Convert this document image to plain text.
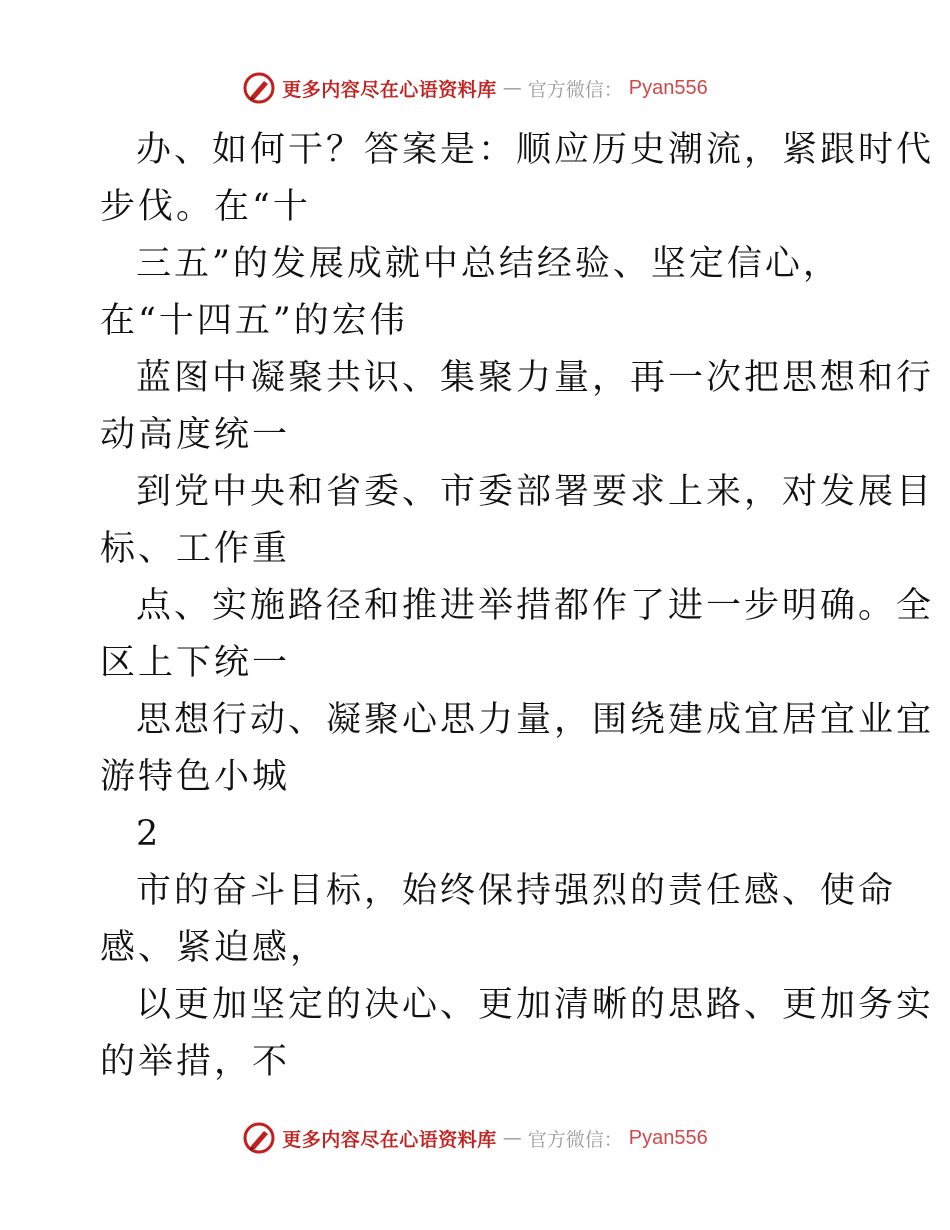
更多内容尽在心语资料库 — 官方微信： Pyan556
办、如何干？答案是：顺应历史潮流，紧跟时代
步伐。在“十
三五”的发展成就中总结经验、坚定信心，
在“十四五”的宏伟
蓝图中凝聚共识、集聚力量，再一次把思想和行
动高度统一
到党中央和省委、市委部署要求上来，对发展目
标、工作重
点、实施路径和推进举措都作了进一步明确。全
区上下统一
思想行动、凝聚心思力量，围绕建成宜居宜业宜
游特色小城
2
市的奋斗目标，始终保持强烈的责任感、使命
感、紧迫感，
以更加坚定的决心、更加清晰的思路、更加务实
的举措，不
更多内容尽在心语资料库 — 官方微信： Pyan556
